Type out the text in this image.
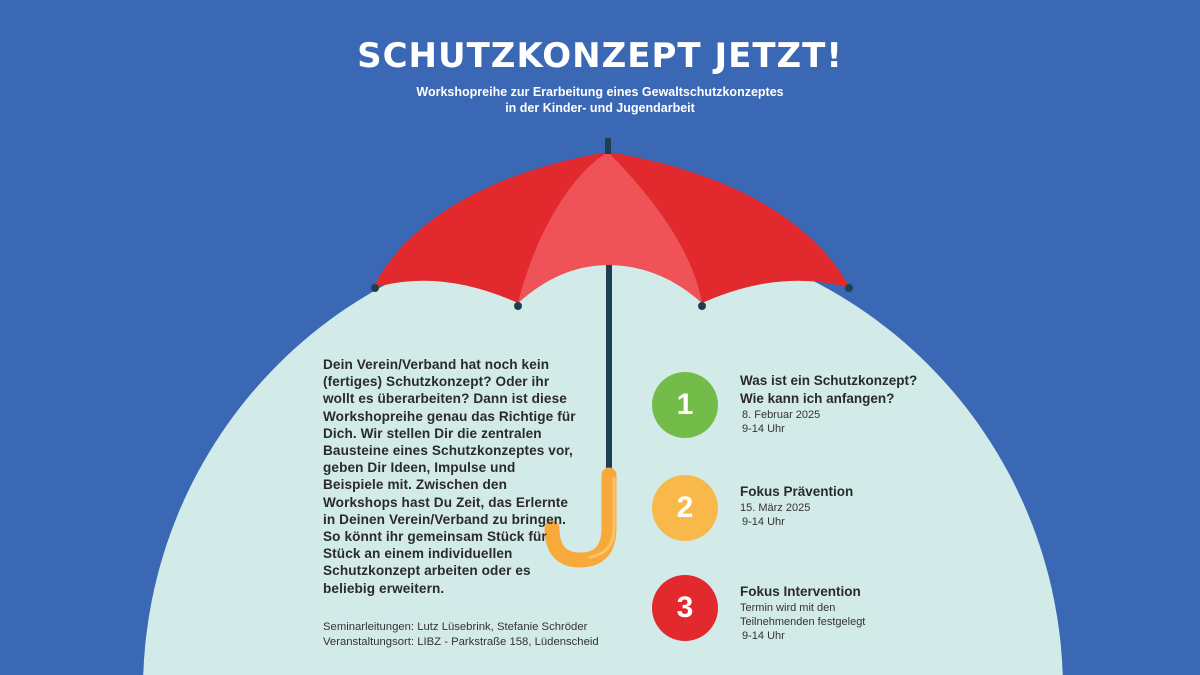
SCHUTZKONZEPT JETZT!
Workshopreihe zur Erarbeitung eines Gewaltschutzkonzeptes
in der Kinder- und Jugendarbeit
Dein Verein/Verband hat noch kein (fertiges) Schutzkonzept? Oder ihr wollt es überarbeiten? Dann ist diese Workshopreihe genau das Richtige für Dich. Wir stellen Dir die zentralen Bausteine eines Schutzkonzeptes vor, geben Dir Ideen, Impulse und Beispiele mit. Zwischen den Workshops hast Du Zeit, das Erlernte in Deinen Verein/Verband zu bringen. So könnt ihr gemeinsam Stück für Stück an einem individuellen Schutzkonzept arbeiten oder es beliebig erweitern.
Seminarleitungen: Lutz Lüsebrink, Stefanie Schröder
Veranstaltungsort: LIBZ - Parkstraße 158, Lüdenscheid
1
Was ist ein Schutzkonzept?
Wie kann ich anfangen?
8. Februar 2025
9-14 Uhr
2	Fokus Prävention
15. März 2025
9-14 Uhr
3	Fokus Intervention
Termin wird mit den Teilnehmenden festgelegt
9-14 Uhr
